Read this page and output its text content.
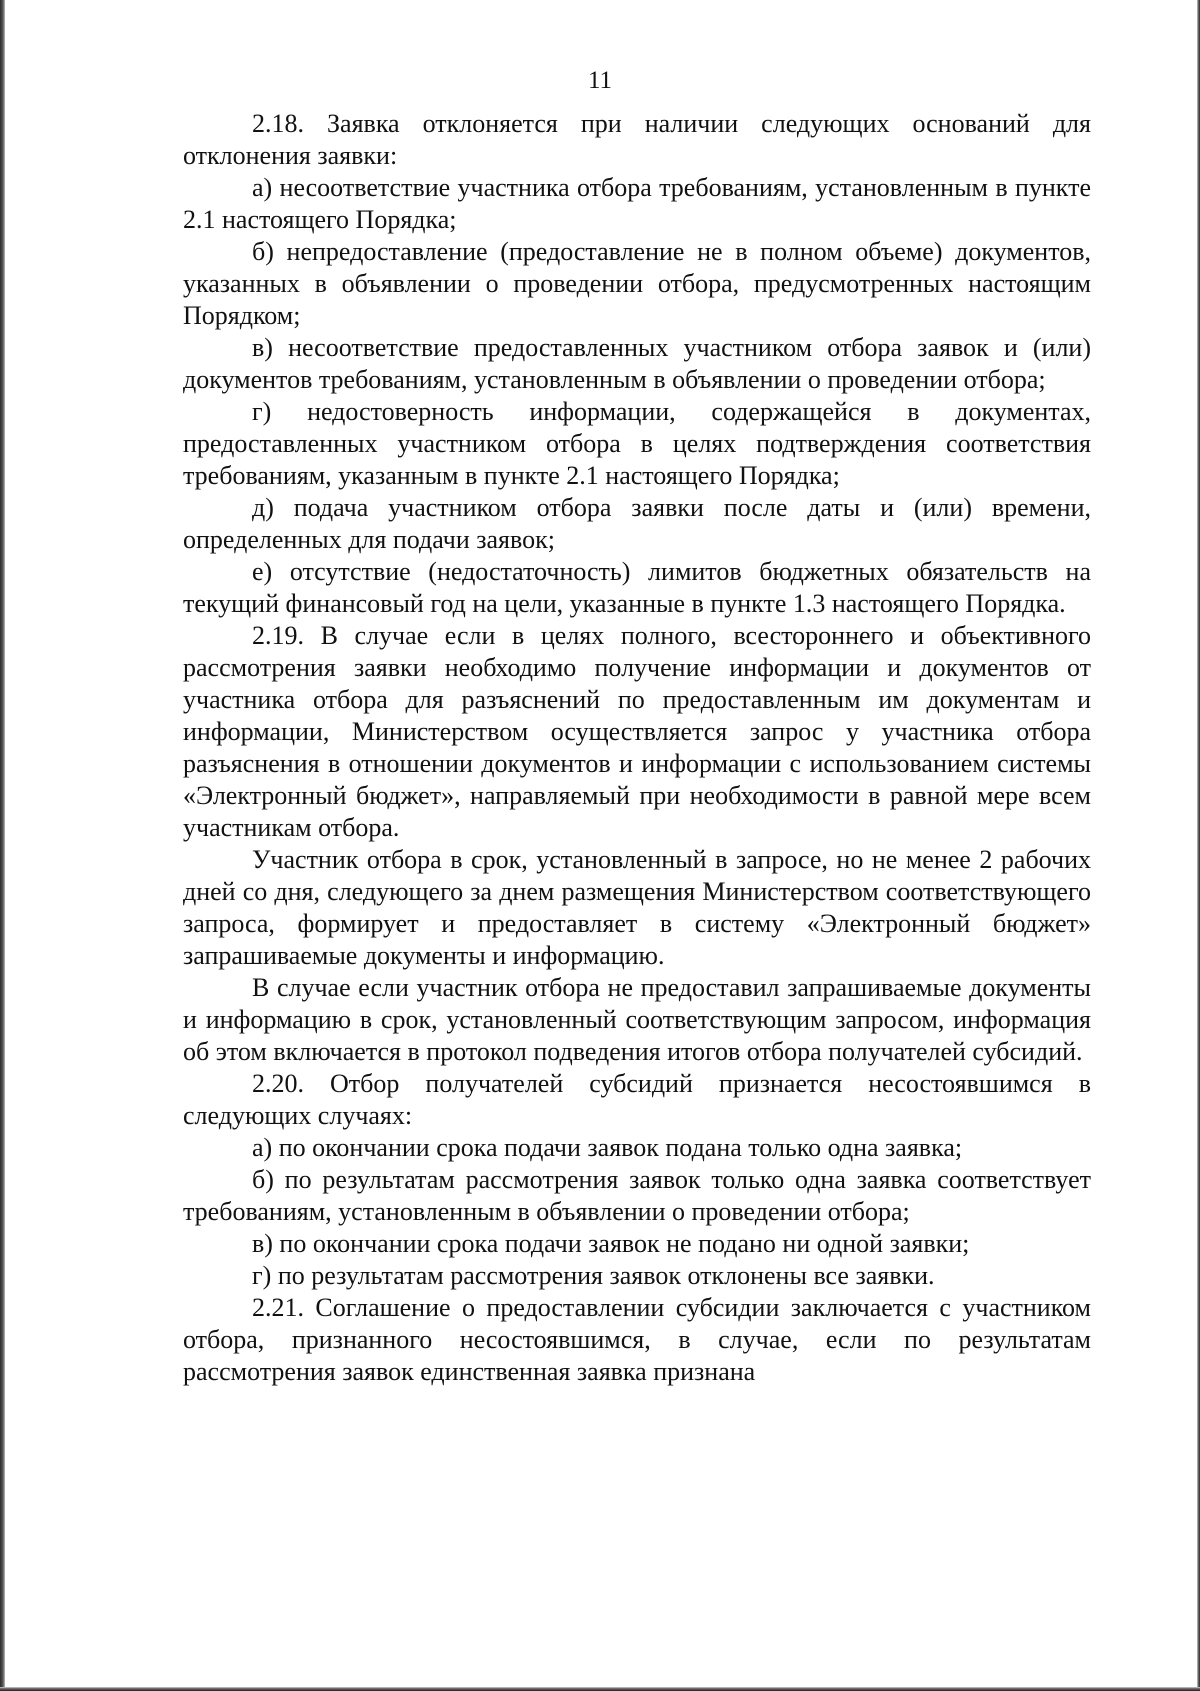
11

2.18. Заявка отклоняется при наличии следующих оснований для отклонения заявки:

а) несоответствие участника отбора требованиям, установленным в пункте 2.1 настоящего Порядка;

б) непредоставление (предоставление не в полном объеме) документов, указанных в объявлении о проведении отбора, предусмотренных настоящим Порядком;

в) несоответствие предоставленных участником отбора заявок и (или) документов требованиям, установленным в объявлении о проведении отбора;

г) недостоверность информации, содержащейся в документах, предоставленных участником отбора в целях подтверждения соответствия требованиям, указанным в пункте 2.1 настоящего Порядка;

д) подача участником отбора заявки после даты и (или) времени, определенных для подачи заявок;

е) отсутствие (недостаточность) лимитов бюджетных обязательств на текущий финансовый год на цели, указанные в пункте 1.3 настоящего Порядка.

2.19. В случае если в целях полного, всестороннего и объективного рассмотрения заявки необходимо получение информации и документов от участника отбора для разъяснений по предоставленным им документам и информации, Министерством осуществляется запрос у участника отбора разъяснения в отношении документов и информации с использованием системы «Электронный бюджет», направляемый при необходимости в равной мере всем участникам отбора.

Участник отбора в срок, установленный в запросе, но не менее 2 рабочих дней со дня, следующего за днем размещения Министерством соответствующего запроса, формирует и предоставляет в систему «Электронный бюджет» запрашиваемые документы и информацию.

В случае если участник отбора не предоставил запрашиваемые документы и информацию в срок, установленный соответствующим запросом, информация об этом включается в протокол подведения итогов отбора получателей субсидий.

2.20. Отбор получателей субсидий признается несостоявшимся в следующих случаях:

а) по окончании срока подачи заявок подана только одна заявка;

б) по результатам рассмотрения заявок только одна заявка соответствует требованиям, установленным в объявлении о проведении отбора;

в) по окончании срока подачи заявок не подано ни одной заявки;

г) по результатам рассмотрения заявок отклонены все заявки.

2.21. Соглашение о предоставлении субсидии заключается с участником отбора, признанного несостоявшимся, в случае, если по результатам рассмотрения заявок единственная заявка признана
